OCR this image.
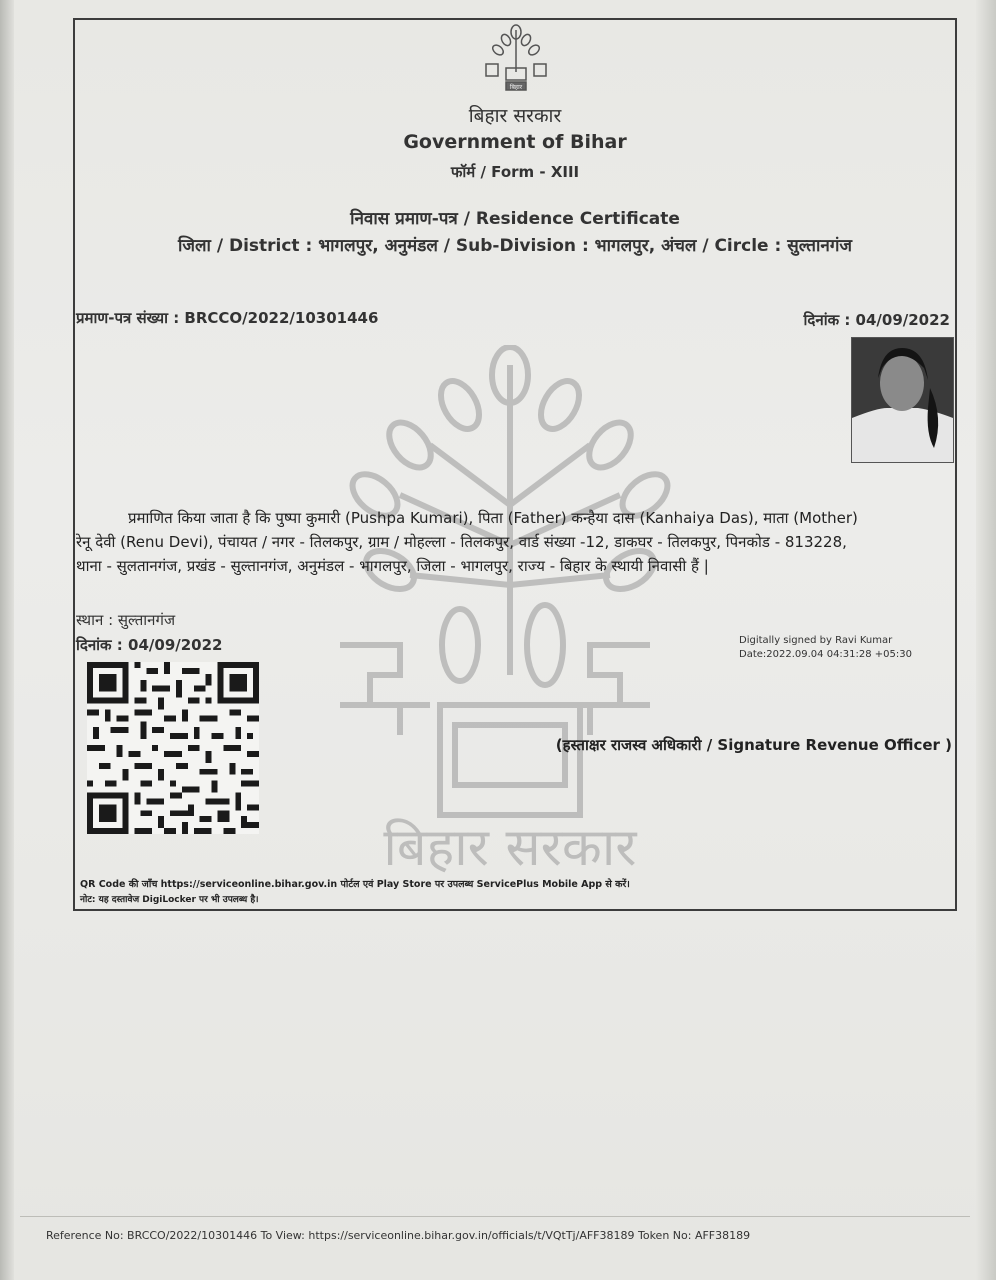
बिहार सरकार
बिहार
बिहार सरकार
Government of Bihar
फॉर्म / Form - XIII
निवास प्रमाण-पत्र / Residence Certificate
जिला / District : भागलपुर, अनुमंडल / Sub-Division : भागलपुर, अंचल / Circle : सुल्तानगंज
प्रमाण-पत्र संख्या : BRCCO/2022/10301446	दिनांक : 04/09/2022
प्रमाणित किया जाता है कि पुष्पा कुमारी (Pushpa Kumari), पिता (Father) कन्हैया दास (Kanhaiya Das), माता (Mother)
रेनू देवी (Renu Devi), पंचायत / नगर - तिलकपुर, ग्राम / मोहल्ला - तिलकपुर, वार्ड संख्या -12, डाकघर - तिलकपुर, पिनकोड - 813228,
थाना - सुलतानगंज, प्रखंड - सुल्तानगंज, अनुमंडल - भागलपुर, जिला - भागलपुर, राज्य - बिहार के स्थायी निवासी हैं |
स्थान : सुल्तानगंज
दिनांक : 04/09/2022	Digitally signed by Ravi Kumar
Date:2022.09.04 04:31:28 +05:30
(हस्ताक्षर राजस्व अधिकारी / Signature Revenue Officer )
QR Code की जाँच https://serviceonline.bihar.gov.in पोर्टल एवं Play Store पर उपलब्ध ServicePlus Mobile App से करें।
नोट: यह दस्तावेज DigiLocker पर भी उपलब्ध है।
Reference No: BRCCO/2022/10301446 To View: https://serviceonline.bihar.gov.in/officials/t/VQtTj/AFF38189 Token No: AFF38189
